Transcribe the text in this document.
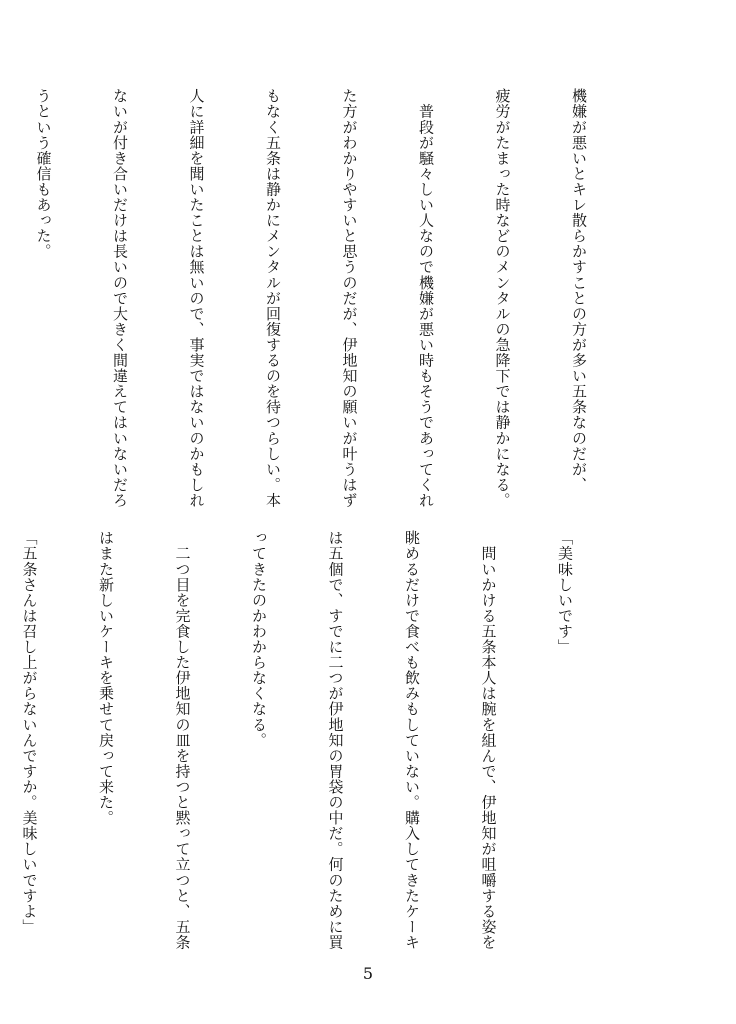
機嫌が悪いとキレ散らかすことの方が多い五条なのだが、

疲労がたまった時などのメンタルの急降下では静かになる。

　普段が騒々しい人なので機嫌が悪い時もそうであってくれ

た方がわかりやすいと思うのだが、伊地知の願いが叶うはず

もなく五条は静かにメンタルが回復するのを待つらしい。本

人に詳細を聞いたことは無いので、事実ではないのかもしれ

ないが付き合いだけは長いので大きく間違えてはいないだろ

うという確信もあった。

「美味しいです」

　問いかける五条本人は腕を組んで、伊地知が咀嚼する姿を

眺めるだけで食べも飲みもしていない。購入してきたケーキ

は五個で、すでに二つが伊地知の胃袋の中だ。何のために買

ってきたのかわからなくなる。

　二つ目を完食した伊地知の皿を持つと黙って立つと、五条

はまた新しいケーキを乗せて戻って来た。

「五条さんは召し上がらないんですか。美味しいですよ」

5
